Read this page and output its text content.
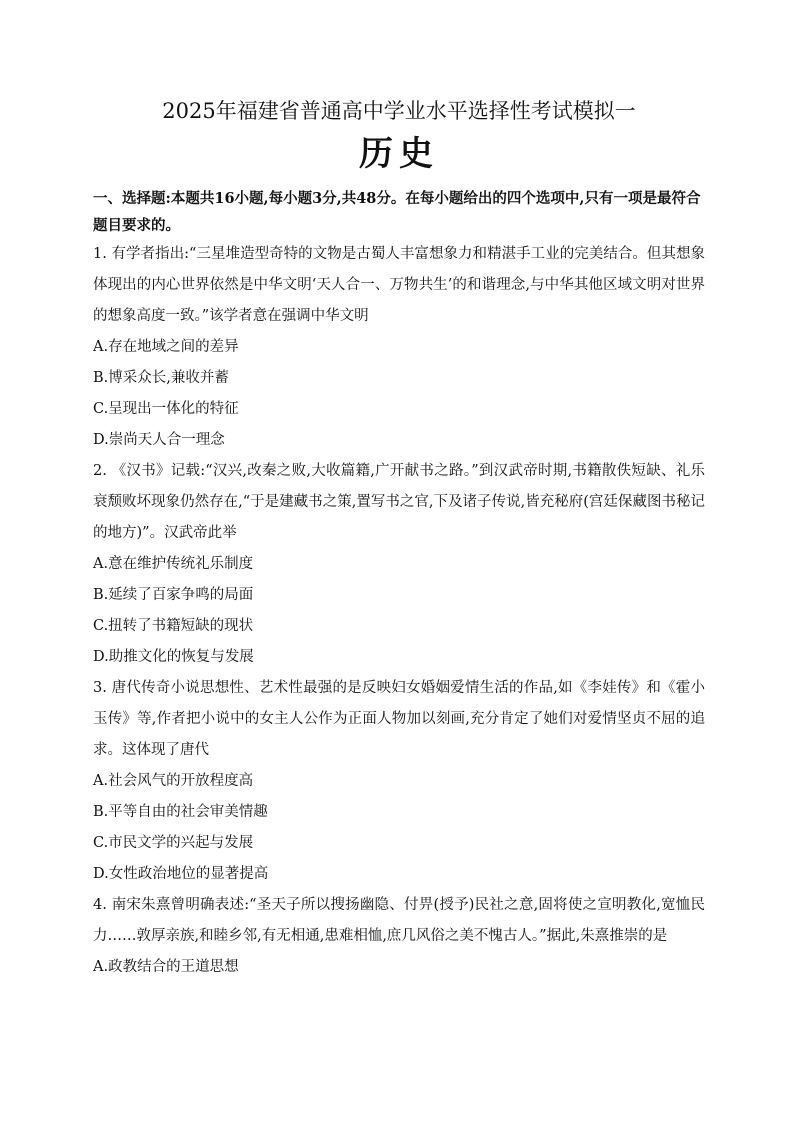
2025年福建省普通高中学业水平选择性考试模拟一
历史

一、选择题:本题共16小题,每小题3分,共48分。在每小题给出的四个选项中,只有一项是最符合题目要求的。

1. 有学者指出:“三星堆造型奇特的文物是古蜀人丰富想象力和精湛手工业的完美结合。但其想象体现出的内心世界依然是中华文明‘天人合一、万物共生’的和谐理念,与中华其他区域文明对世界的想象高度一致。”该学者意在强调中华文明

A.存在地域之间的差异

B.博采众长,兼收并蓄

C.呈现出一体化的特征

D.崇尚天人合一理念

2. 《汉书》记载:“汉兴,改秦之败,大收篇籍,广开献书之路。”到汉武帝时期,书籍散佚短缺、礼乐衰颓败坏现象仍然存在,“于是建藏书之策,置写书之官,下及诸子传说,皆充秘府(宫廷保藏图书秘记的地方)”。汉武帝此举

A.意在维护传统礼乐制度

B.延续了百家争鸣的局面

C.扭转了书籍短缺的现状

D.助推文化的恢复与发展

3. 唐代传奇小说思想性、艺术性最强的是反映妇女婚姻爱情生活的作品,如《李娃传》和《霍小玉传》等,作者把小说中的女主人公作为正面人物加以刻画,充分肯定了她们对爱情坚贞不屈的追求。这体现了唐代

A.社会风气的开放程度高

B.平等自由的社会审美情趣

C.市民文学的兴起与发展

D.女性政治地位的显著提高

4. 南宋朱熹曾明确表述:“圣天子所以搜扬幽隐、付畀(授予)民社之意,固将使之宣明教化,宽恤民力……敦厚亲族,和睦乡邻,有无相通,患难相恤,庶几风俗之美不愧古人。”据此,朱熹推崇的是

A.政教结合的王道思想
